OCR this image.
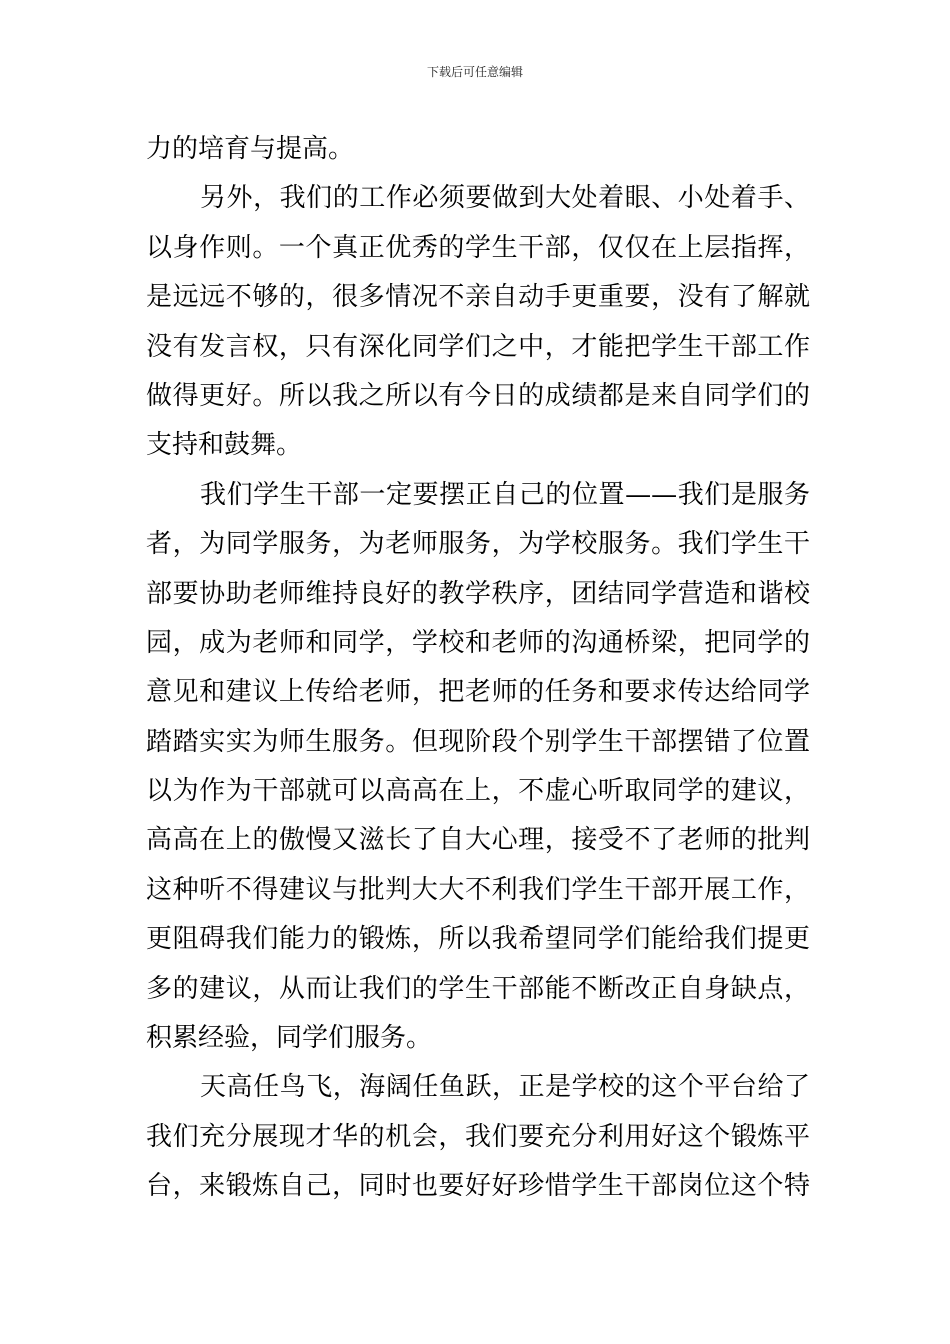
下载后可任意编辑
力的培育与提高。
另外，我们的工作必须要做到大处着眼、小处着手、
以身作则。一个真正优秀的学生干部，仅仅在上层指挥，
是远远不够的，很多情况不亲自动手更重要，没有了解就
没有发言权，只有深化同学们之中，才能把学生干部工作
做得更好。所以我之所以有今日的成绩都是来自同学们的
支持和鼓舞。
我们学生干部一定要摆正自己的位置——我们是服务
者，为同学服务，为老师服务，为学校服务。我们学生干
部要协助老师维持良好的教学秩序，团结同学营造和谐校
园，成为老师和同学，学校和老师的沟通桥梁，把同学的
意见和建议上传给老师，把老师的任务和要求传达给同学
踏踏实实为师生服务。但现阶段个别学生干部摆错了位置
以为作为干部就可以高高在上，不虚心听取同学的建议，
高高在上的傲慢又滋长了自大心理，接受不了老师的批判
这种听不得建议与批判大大不利我们学生干部开展工作，
更阻碍我们能力的锻炼，所以我希望同学们能给我们提更
多的建议，从而让我们的学生干部能不断改正自身缺点，
积累经验，同学们服务。
天高任鸟飞，海阔任鱼跃，正是学校的这个平台给了
我们充分展现才华的机会，我们要充分利用好这个锻炼平
台，来锻炼自己，同时也要好好珍惜学生干部岗位这个特
